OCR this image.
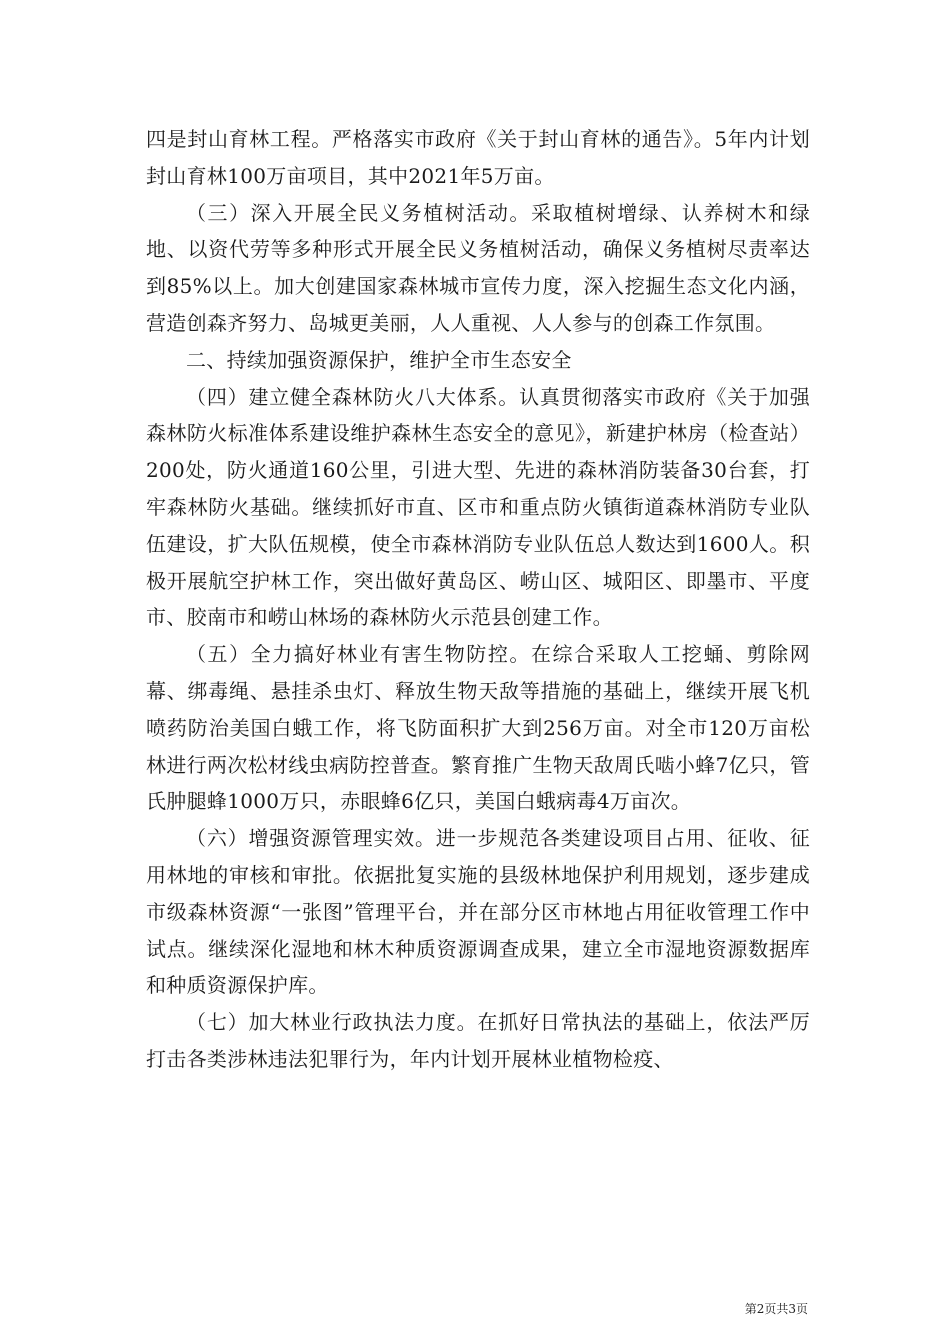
四是封山育林工程。严格落实市政府《关于封山育林的通告》。5年内计划封山育林100万亩项目，其中2021年5万亩。

（三）深入开展全民义务植树活动。采取植树增绿、认养树木和绿地、以资代劳等多种形式开展全民义务植树活动，确保义务植树尽责率达到85%以上。加大创建国家森林城市宣传力度，深入挖掘生态文化内涵，营造创森齐努力、岛城更美丽，人人重视、人人参与的创森工作氛围。

二、持续加强资源保护，维护全市生态安全

（四）建立健全森林防火八大体系。认真贯彻落实市政府《关于加强森林防火标准体系建设维护森林生态安全的意见》，新建护林房（检查站）200处，防火通道160公里，引进大型、先进的森林消防装备30台套，打牢森林防火基础。继续抓好市直、区市和重点防火镇街道森林消防专业队伍建设，扩大队伍规模，使全市森林消防专业队伍总人数达到1600人。积极开展航空护林工作，突出做好黄岛区、崂山区、城阳区、即墨市、平度市、胶南市和崂山林场的森林防火示范县创建工作。

（五）全力搞好林业有害生物防控。在综合采取人工挖蛹、剪除网幕、绑毒绳、悬挂杀虫灯、释放生物天敌等措施的基础上，继续开展飞机喷药防治美国白蛾工作，将飞防面积扩大到256万亩。对全市120万亩松林进行两次松材线虫病防控普查。繁育推广生物天敌周氏啮小蜂7亿只，管氏肿腿蜂1000万只，赤眼蜂6亿只，美国白蛾病毒4万亩次。

（六）增强资源管理实效。进一步规范各类建设项目占用、征收、征用林地的审核和审批。依据批复实施的县级林地保护利用规划，逐步建成市级森林资源“一张图”管理平台，并在部分区市林地占用征收管理工作中试点。继续深化湿地和林木种质资源调查成果，建立全市湿地资源数据库和种质资源保护库。

（七）加大林业行政执法力度。在抓好日常执法的基础上，依法严厉打击各类涉林违法犯罪行为，年内计划开展林业植物检疫、

第2页共3页
